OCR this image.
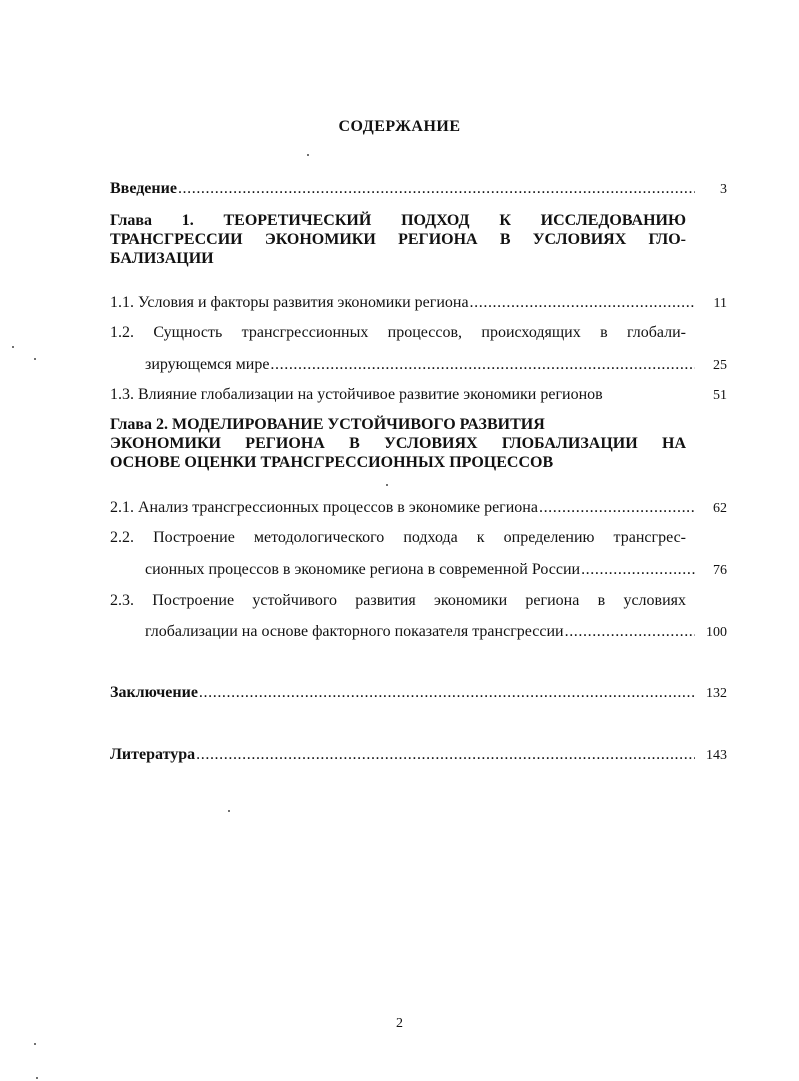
СОДЕРЖАНИЕ
Введение .....	3
Глава 1. ТЕОРЕТИЧЕСКИЙ ПОДХОД К ИССЛЕДОВАНИЮ
ТРАНСГРЕССИИ ЭКОНОМИКИ РЕГИОНА В УСЛОВИЯХ ГЛО-
БАЛИЗАЦИИ
1.1. Условия и факторы развития экономики региона .....	11
1.2. Сущность трансгрессионных процессов, происходящих в глобали-
зирующемся мире .....	25
1.3. Влияние глобализации на устойчивое развитие экономики регионов	51
Глава 2. МОДЕЛИРОВАНИЕ УСТОЙЧИВОГО РАЗВИТИЯ
ЭКОНОМИКИ РЕГИОНА В УСЛОВИЯХ ГЛОБАЛИЗАЦИИ НА
ОСНОВЕ ОЦЕНКИ ТРАНСГРЕССИОННЫХ ПРОЦЕССОВ
2.1. Анализ трансгрессионных процессов в экономике региона .....	62
2.2. Построение методологического подхода к определению трансгрес-
сионных процессов в экономике региона в современной России .....	76
2.3. Построение устойчивого развития экономики региона в условиях
глобализации на основе факторного показателя трансгрессии .....	100
Заключение .....	132
Литература .....	143
2
